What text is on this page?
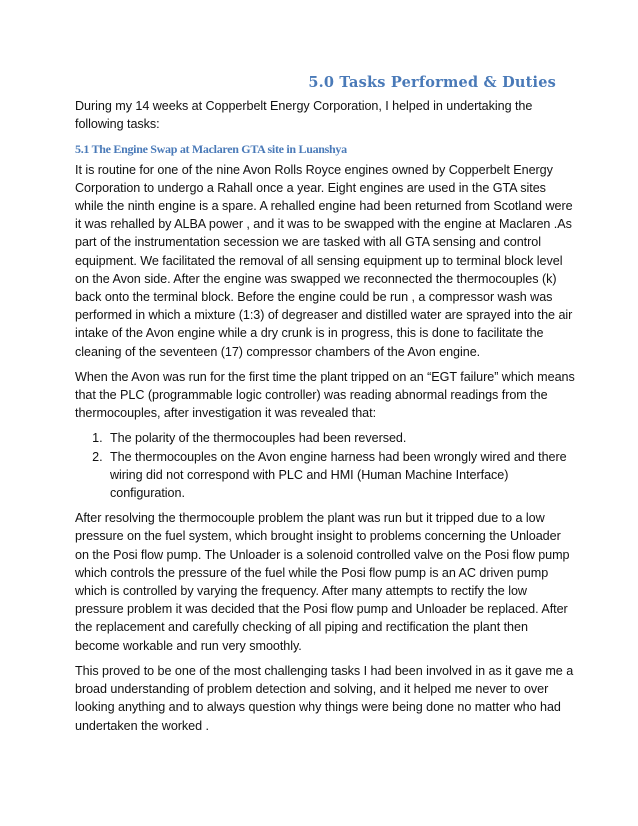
5.0 Tasks Performed & Duties

During my 14 weeks at Copperbelt Energy Corporation, I helped in undertaking the following tasks:

5.1 The Engine Swap at Maclaren GTA site in Luanshya

It is routine for one of the nine Avon Rolls Royce engines owned by Copperbelt Energy Corporation to undergo a Rahall once a year. Eight engines are used in the GTA sites while the ninth engine is a spare. A rehalled engine had been returned from Scotland were it was rehalled by ALBA power , and it was to be swapped with the engine at Maclaren .As part of the instrumentation secession we are tasked with all GTA sensing and control equipment. We facilitated the removal of all sensing equipment up to terminal block level on the Avon side. After the engine was swapped we reconnected the thermocouples (k) back onto the terminal block. Before the engine could be run , a compressor wash was performed in which a mixture (1:3) of degreaser and distilled water are sprayed into the air intake of the Avon engine while a dry crunk is in progress, this is done to facilitate the cleaning of the seventeen (17) compressor chambers of the Avon engine.

When the Avon was run for the first time the plant tripped on an “EGT failure” which means that the PLC (programmable logic controller) was reading abnormal readings from the thermocouples, after investigation it was revealed that:

1. The polarity of the thermocouples had been reversed.
2. The thermocouples on the Avon engine harness had been wrongly wired and there wiring did not correspond with PLC and HMI (Human Machine Interface) configuration.

After resolving the thermocouple problem the plant was run but it tripped due to a low pressure on the fuel system, which brought insight to problems concerning the Unloader on the Posi flow pump. The Unloader is a solenoid controlled valve on the Posi flow pump which controls the pressure of the fuel while the Posi flow pump is an AC driven pump which is controlled by varying the frequency. After many attempts to rectify the low pressure problem it was decided that the Posi flow pump and Unloader be replaced. After the replacement and carefully checking of all piping and rectification the plant then become workable and run very smoothly.

This proved to be one of the most challenging tasks I had been involved in as it gave me a broad understanding of problem detection and solving, and it helped me never to over looking anything and to always question why things were being done no matter who had undertaken the worked .
